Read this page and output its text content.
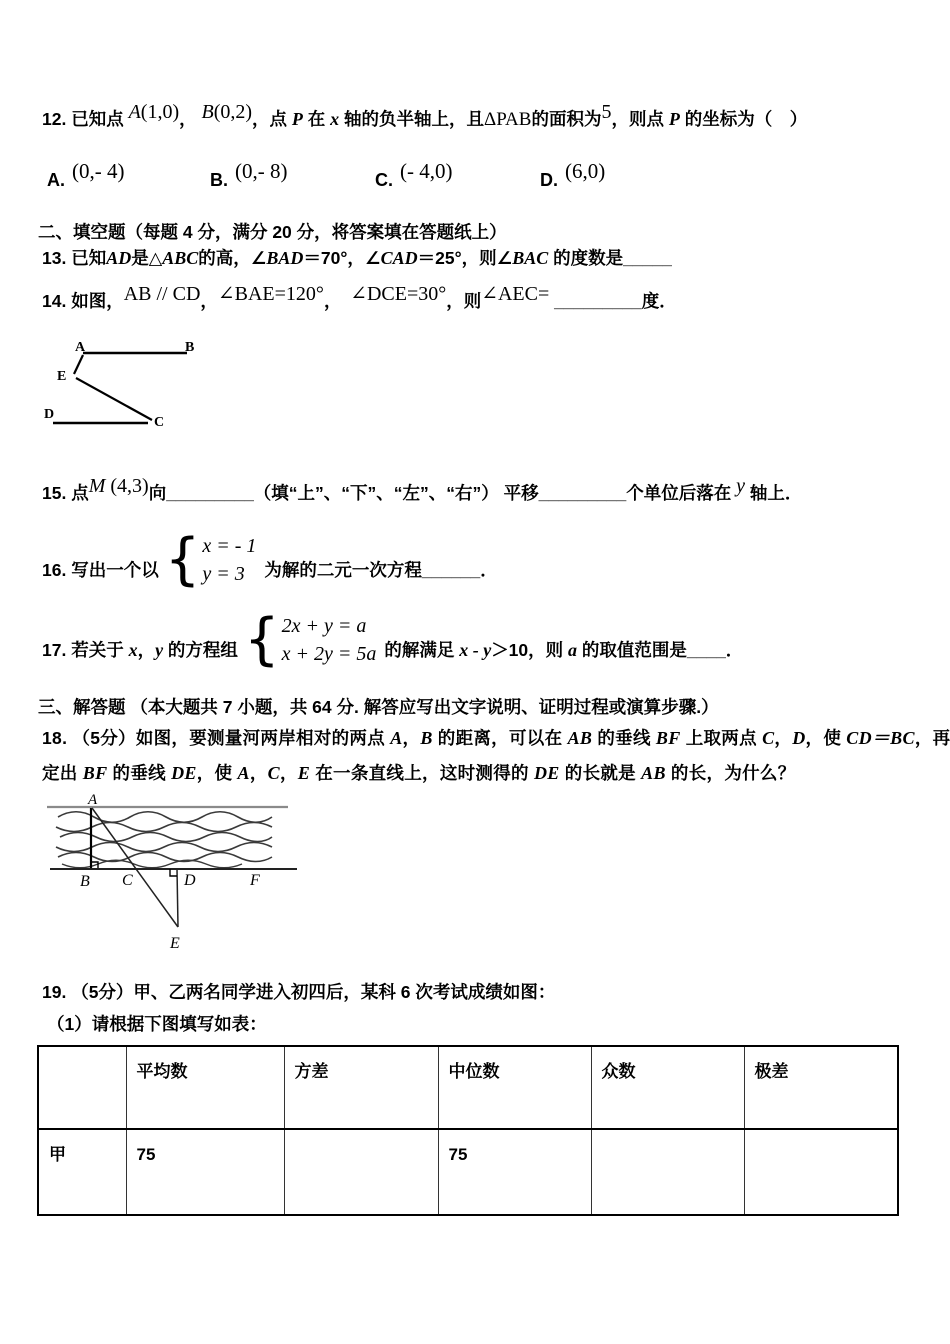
12. 已知点 A(1,0)， B(0,2)，点 P 在 x 轴的负半轴上，且ΔPAB的面积为5，则点 P 的坐标为（　）
A. (0,- 4)	B. (0,- 8)	C. (- 4,0)	D. (6,0)
二、填空题（每题 4 分，满分 20 分，将答案填在答题纸上）
13. 已知AD是△ABC的高，∠BAD＝70°，∠CAD＝25°，则∠BAC 的度数是_____
14. 如图，AB // CD，∠BAE=120°，　∠DCE=30°，则∠AEC= _________度．
A	B
E
D
C
15. 点M (4,3)向_________（填“上”、“下”、“左”、“右”） 平移_________个单位后落在 y 轴上．
16. 写出一个以 { x = - 1
y = 3	为解的二元一次方程______．
17. 若关于 x，y 的方程组 { 2x + y = a
x + 2y = 5a 的解满足 x - y＞10，则 a 的取值范围是____．
三、解答题 （本大题共 7 小题，共 64 分. 解答应写出文字说明、证明过程或演算步骤.）
18. （5分）如图，要测量河两岸相对的两点 A，B 的距离，可以在 AB 的垂线 BF 上取两点 C，D，使 CD＝BC，再
定出 BF 的垂线 DE，使 A，C，E 在一条直线上，这时测得的 DE 的长就是 AB 的长，为什么？
A
B C	D	F
E
19. （5分）甲、乙两名同学进入初四后，某科 6 次考试成绩如图：
（1）请根据下图填写如表：
	平均数	方差	中位数	众数	极差
甲	75		75		
